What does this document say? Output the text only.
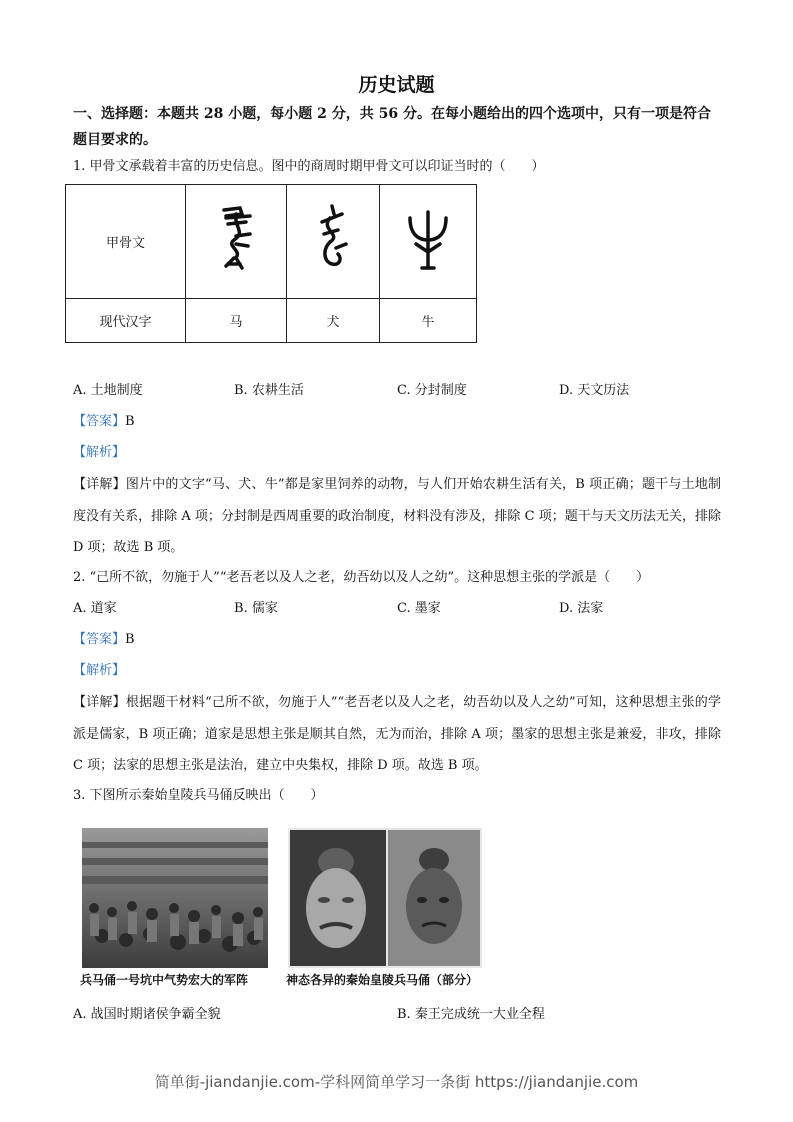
历史试题
一、选择题：本题共 28 小题，每小题 2 分，共 56 分。在每小题给出的四个选项中，只有一项是符合题目要求的。
1. 甲骨文承载着丰富的历史信息。图中的商周时期甲骨文可以印证当时的（　　）
甲骨文			
现代汉字	马	犬	牛
A. 土地制度	B. 农耕生活	C. 分封制度	D. 天文历法
【答案】B
【解析】
【详解】图片中的文字“马、犬、牛”都是家里饲养的动物，与人们开始农耕生活有关，B 项正确；题干与土地制度没有关系，排除 A 项；分封制是西周重要的政治制度，材料没有涉及，排除 C 项；题干与天文历法无关，排除 D 项；故选 B 项。
2. “己所不欲，勿施于人”“老吾老以及人之老，幼吾幼以及人之幼”。这种思想主张的学派是（　　）
A. 道家	B. 儒家	C. 墨家	D. 法家
【答案】B
【解析】
【详解】根据题干材料“己所不欲，勿施于人”“老吾老以及人之老，幼吾幼以及人之幼”可知，这种思想主张的学派是儒家，B 项正确；道家是思想主张是顺其自然，无为而治，排除 A 项；墨家的思想主张是兼爱，非攻，排除 C 项；法家的思想主张是法治，建立中央集权，排除 D 项。故选 B 项。
3. 下图所示秦始皇陵兵马俑反映出（　　）
兵马俑一号坑中气势宏大的军阵	神态各异的秦始皇陵兵马俑（部分）
A. 战国时期诸侯争霸全貌	B. 秦王完成统一大业全程
简单街-jiandanjie.com-学科网简单学习一条街 https://jiandanjie.com
